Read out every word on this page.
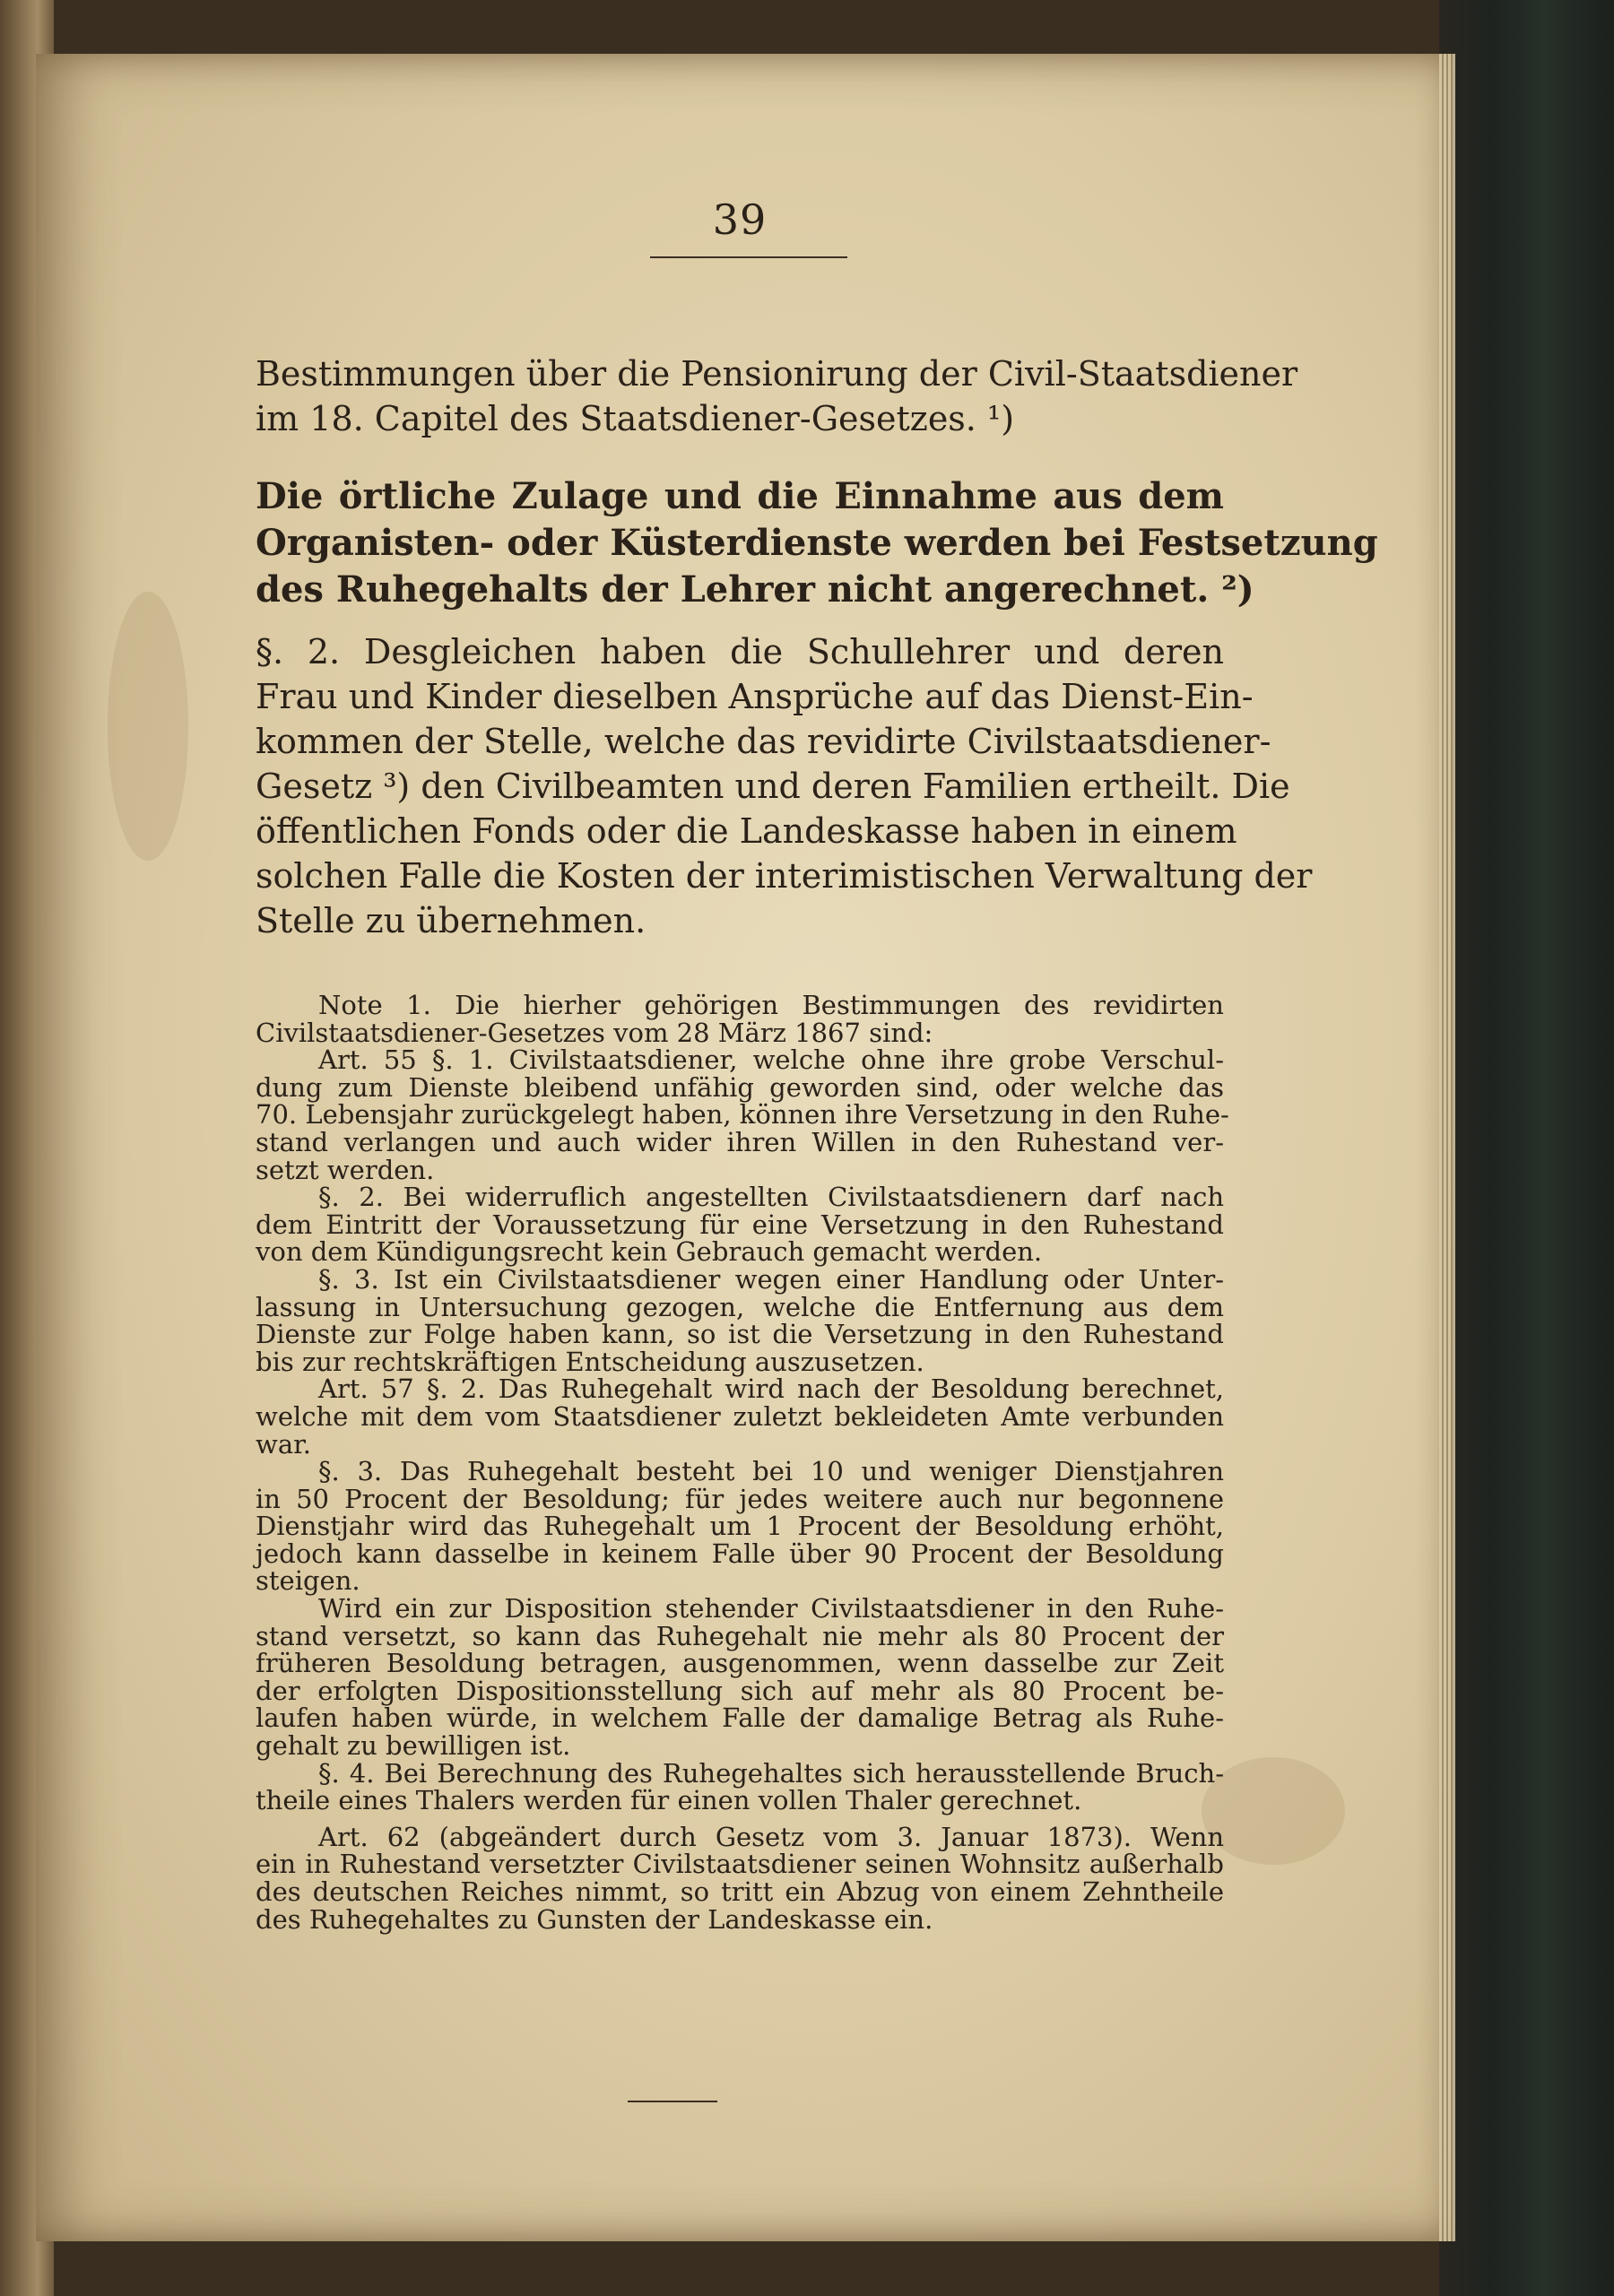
39

Bestimmungen über die Pensionirung der Civil-Staatsdiener

im 18. Capitel des Staatsdiener-Gesetzes. ¹)

Die örtliche Zulage und die Einnahme aus dem

Organisten- oder Küsterdienste werden bei Festsetzung

des Ruhegehalts der Lehrer nicht angerechnet. ²)

§. 2. Desgleichen haben die Schullehrer und deren

Frau und Kinder dieselben Ansprüche auf das Dienst-Ein-

kommen der Stelle, welche das revidirte Civilstaatsdiener-

Gesetz ³) den Civilbeamten und deren Familien ertheilt. Die

öffentlichen Fonds oder die Landeskasse haben in einem

solchen Falle die Kosten der interimistischen Verwaltung der

Stelle zu übernehmen.

Note 1. Die hierher gehörigen Bestimmungen des revidirten

Civilstaatsdiener-Gesetzes vom 28 März 1867 sind:

Art. 55 §. 1. Civilstaatsdiener, welche ohne ihre grobe Verschul-

dung zum Dienste bleibend unfähig geworden sind, oder welche das

70. Lebensjahr zurückgelegt haben, können ihre Versetzung in den Ruhe-

stand verlangen und auch wider ihren Willen in den Ruhestand ver-

setzt werden.

§. 2. Bei widerruflich angestellten Civilstaatsdienern darf nach

dem Eintritt der Voraussetzung für eine Versetzung in den Ruhestand

von dem Kündigungsrecht kein Gebrauch gemacht werden.

§. 3. Ist ein Civilstaatsdiener wegen einer Handlung oder Unter-

lassung in Untersuchung gezogen, welche die Entfernung aus dem

Dienste zur Folge haben kann, so ist die Versetzung in den Ruhestand

bis zur rechtskräftigen Entscheidung auszusetzen.

Art. 57 §. 2. Das Ruhegehalt wird nach der Besoldung berechnet,

welche mit dem vom Staatsdiener zuletzt bekleideten Amte verbunden

war.

§. 3. Das Ruhegehalt besteht bei 10 und weniger Dienstjahren

in 50 Procent der Besoldung; für jedes weitere auch nur begonnene

Dienstjahr wird das Ruhegehalt um 1 Procent der Besoldung erhöht,

jedoch kann dasselbe in keinem Falle über 90 Procent der Besoldung

steigen.

Wird ein zur Disposition stehender Civilstaatsdiener in den Ruhe-

stand versetzt, so kann das Ruhegehalt nie mehr als 80 Procent der

früheren Besoldung betragen, ausgenommen, wenn dasselbe zur Zeit

der erfolgten Dispositionsstellung sich auf mehr als 80 Procent be-

laufen haben würde, in welchem Falle der damalige Betrag als Ruhe-

gehalt zu bewilligen ist.

§. 4. Bei Berechnung des Ruhegehaltes sich herausstellende Bruch-

theile eines Thalers werden für einen vollen Thaler gerechnet.

Art. 62 (abgeändert durch Gesetz vom 3. Januar 1873). Wenn

ein in Ruhestand versetzter Civilstaatsdiener seinen Wohnsitz außerhalb

des deutschen Reiches nimmt, so tritt ein Abzug von einem Zehntheile

des Ruhegehaltes zu Gunsten der Landeskasse ein.
